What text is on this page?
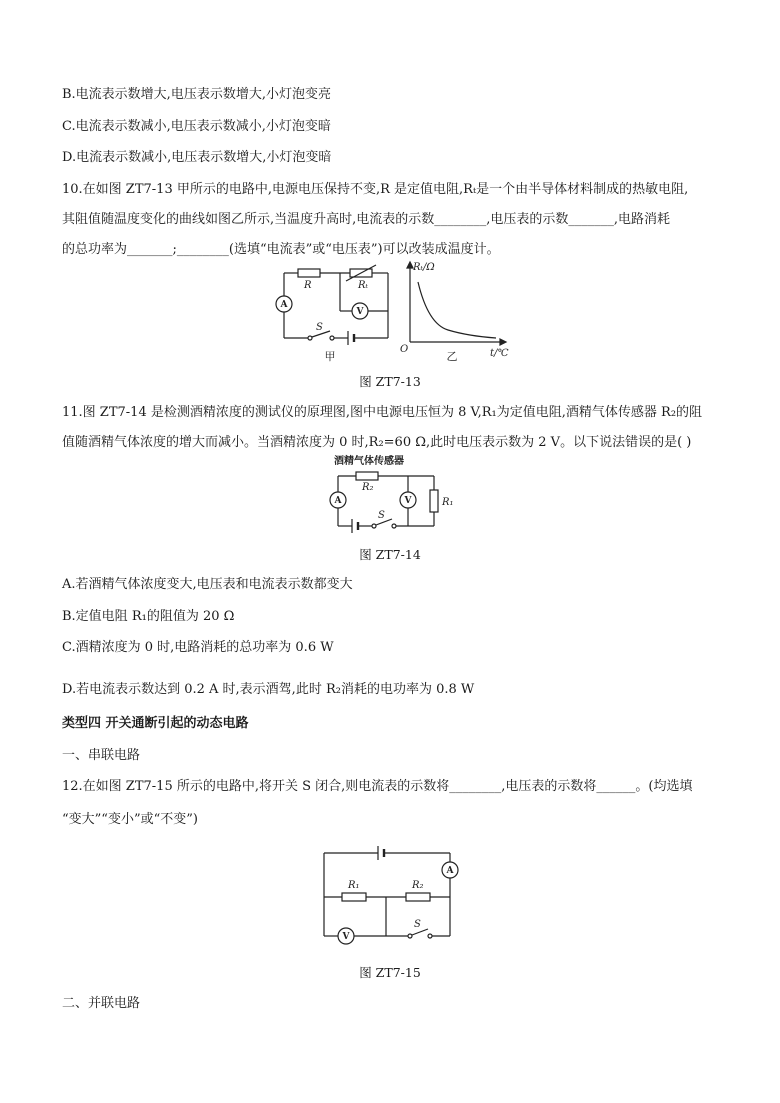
B.电流表示数增大,电压表示数增大,小灯泡变亮
C.电流表示数减小,电压表示数减小,小灯泡变暗
D.电流表示数减小,电压表示数增大,小灯泡变暗
10.在如图 ZT7-13 甲所示的电路中,电源电压保持不变,R 是定值电阻,Rₜ是一个由半导体材料制成的热敏电阻,
其阻值随温度变化的曲线如图乙所示,当温度升高时,电流表的示数________,电压表的示数_______,电路消耗
的总功率为_______;________(选填“电流表”或“电压表”)可以改装成温度计。
R	Rₜ
S
Rₜ/Ω
t/℃
O
A
V
甲	乙
图 ZT7-13
11.图 ZT7-14 是检测酒精浓度的测试仪的原理图,图中电源电压恒为 8 V,R₁为定值电阻,酒精气体传感器 R₂的阻
值随酒精气体浓度的增大而减小。当酒精浓度为 0 时,R₂=60 Ω,此时电压表示数为 2 V。以下说法错误的是( )
酒精气体传感器
R₂
R₁
S
A	V
图 ZT7-14
A.若酒精气体浓度变大,电压表和电流表示数都变大
B.定值电阻 R₁的阻值为 20 Ω
C.酒精浓度为 0 时,电路消耗的总功率为 0.6 W
D.若电流表示数达到 0.2 A 时,表示酒驾,此时 R₂消耗的电功率为 0.8 W
类型四 开关通断引起的动态电路
一、串联电路
12.在如图 ZT7-15 所示的电路中,将开关 S 闭合,则电流表的示数将________,电压表的示数将______。(均选填
“变大”“变小”或“不变”)
R₁	R₂
S
A
V
图 ZT7-15
二、并联电路
